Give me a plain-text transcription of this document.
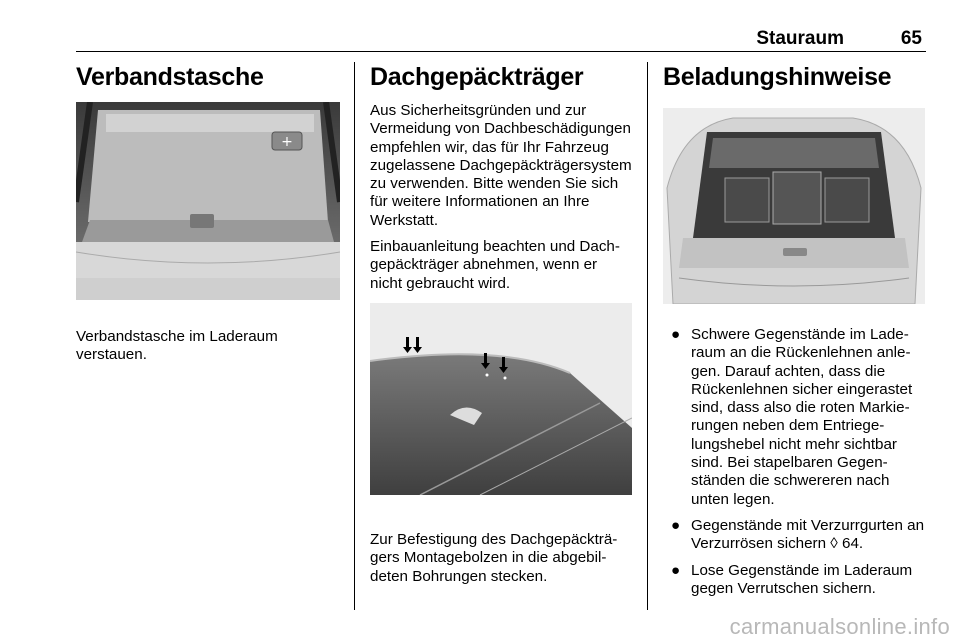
Stauraum	65
Verbandstasche
+

Verbandstasche im Laderaum verstauen.

Dachgepäckträger

Aus Sicherheitsgründen und zur Vermeidung von Dachbeschädigungen empfehlen wir, das für Ihr Fahrzeug zugelassene Dachgepäckträgersystem zu verwenden. Bitte wenden Sie sich für weitere Informationen an Ihre Werkstatt.

Einbauanleitung beachten und Dachgepäckträger abnehmen, wenn er nicht gebraucht wird.

Zur Befestigung des Dachgepäckträgers Montagebolzen in die abgebildeten Bohrungen stecken.

Beladungshinweise
● Schwere Gegenstände im Laderaum an die Rückenlehnen anlegen. Darauf achten, dass die Rückenlehnen sicher eingerastet sind, dass also die roten Markierungen neben dem Entriegelungshebel nicht mehr sichtbar sind. Bei stapelbaren Gegenständen die schwereren nach unten legen.
● Gegenstände mit Verzurrgurten an Verzurrösen sichern ◊ 64.
● Lose Gegenstände im Laderaum gegen Verrutschen sichern.
carmanualsonline.info
